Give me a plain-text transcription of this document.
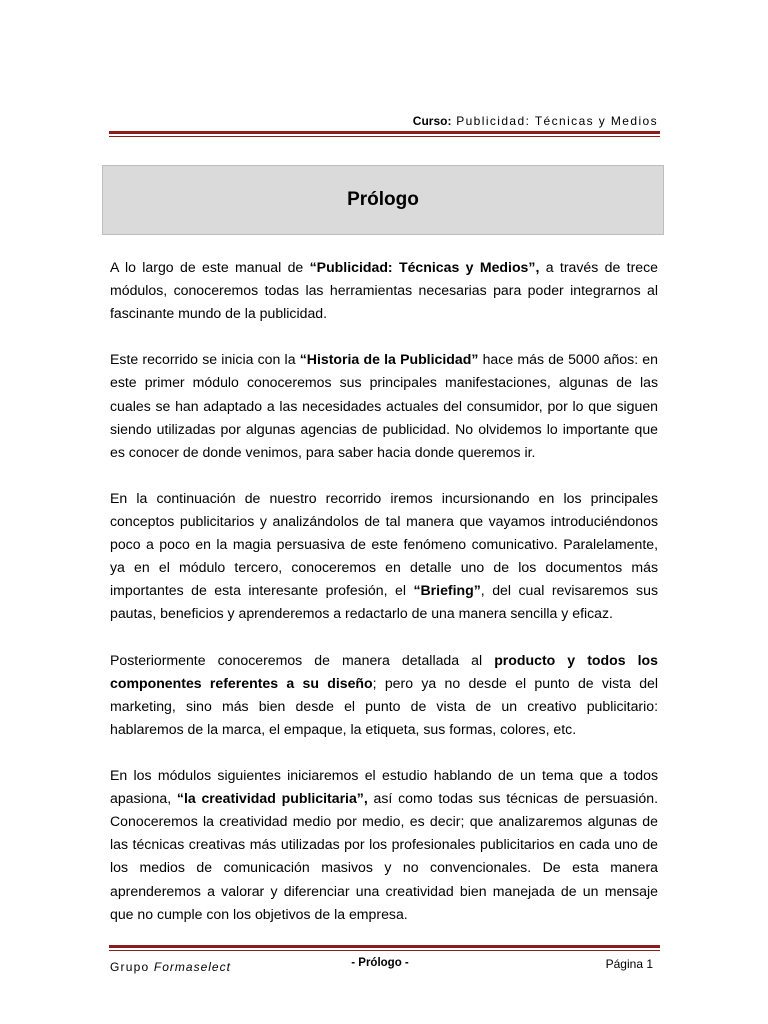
Curso: Publicidad: Técnicas y Medios
Prólogo

A lo largo de este manual de “Publicidad: Técnicas y Medios”, a través de trece módulos, conoceremos todas las herramientas necesarias para poder integrarnos al fascinante mundo de la publicidad.

Este recorrido se inicia con la “Historia de la Publicidad” hace más de 5000 años: en este primer módulo conoceremos sus principales manifestaciones, algunas de las cuales se han adaptado a las necesidades actuales del consumidor, por lo que siguen siendo utilizadas por algunas agencias de publicidad. No olvidemos lo importante que es conocer de donde venimos, para saber hacia donde queremos ir.

En la continuación de nuestro recorrido iremos incursionando en los principales conceptos publicitarios y analizándolos de tal manera que vayamos introduciéndonos poco a poco en la magia persuasiva de este fenómeno comunicativo. Paralelamente, ya en el módulo tercero, conoceremos en detalle uno de los documentos más importantes de esta interesante profesión, el “Briefing”, del cual revisaremos sus pautas, beneficios y aprenderemos a redactarlo de una manera sencilla y eficaz.

Posteriormente conoceremos de manera detallada al producto y todos los componentes referentes a su diseño; pero ya no desde el punto de vista del marketing, sino más bien desde el punto de vista de un creativo publicitario: hablaremos de la marca, el empaque, la etiqueta, sus formas, colores, etc.

En los módulos siguientes iniciaremos el estudio hablando de un tema que a todos apasiona, “la creatividad publicitaria”, así como todas sus técnicas de persuasión. Conoceremos la creatividad medio por medio, es decir; que analizaremos algunas de las técnicas creativas más utilizadas por los profesionales publicitarios en cada uno de los medios de comunicación masivos y no convencionales. De esta manera aprenderemos a valorar y diferenciar una creatividad bien manejada de un mensaje que no cumple con los objetivos de la empresa.

Grupo Formaselect	- Prólogo -	Página 1
